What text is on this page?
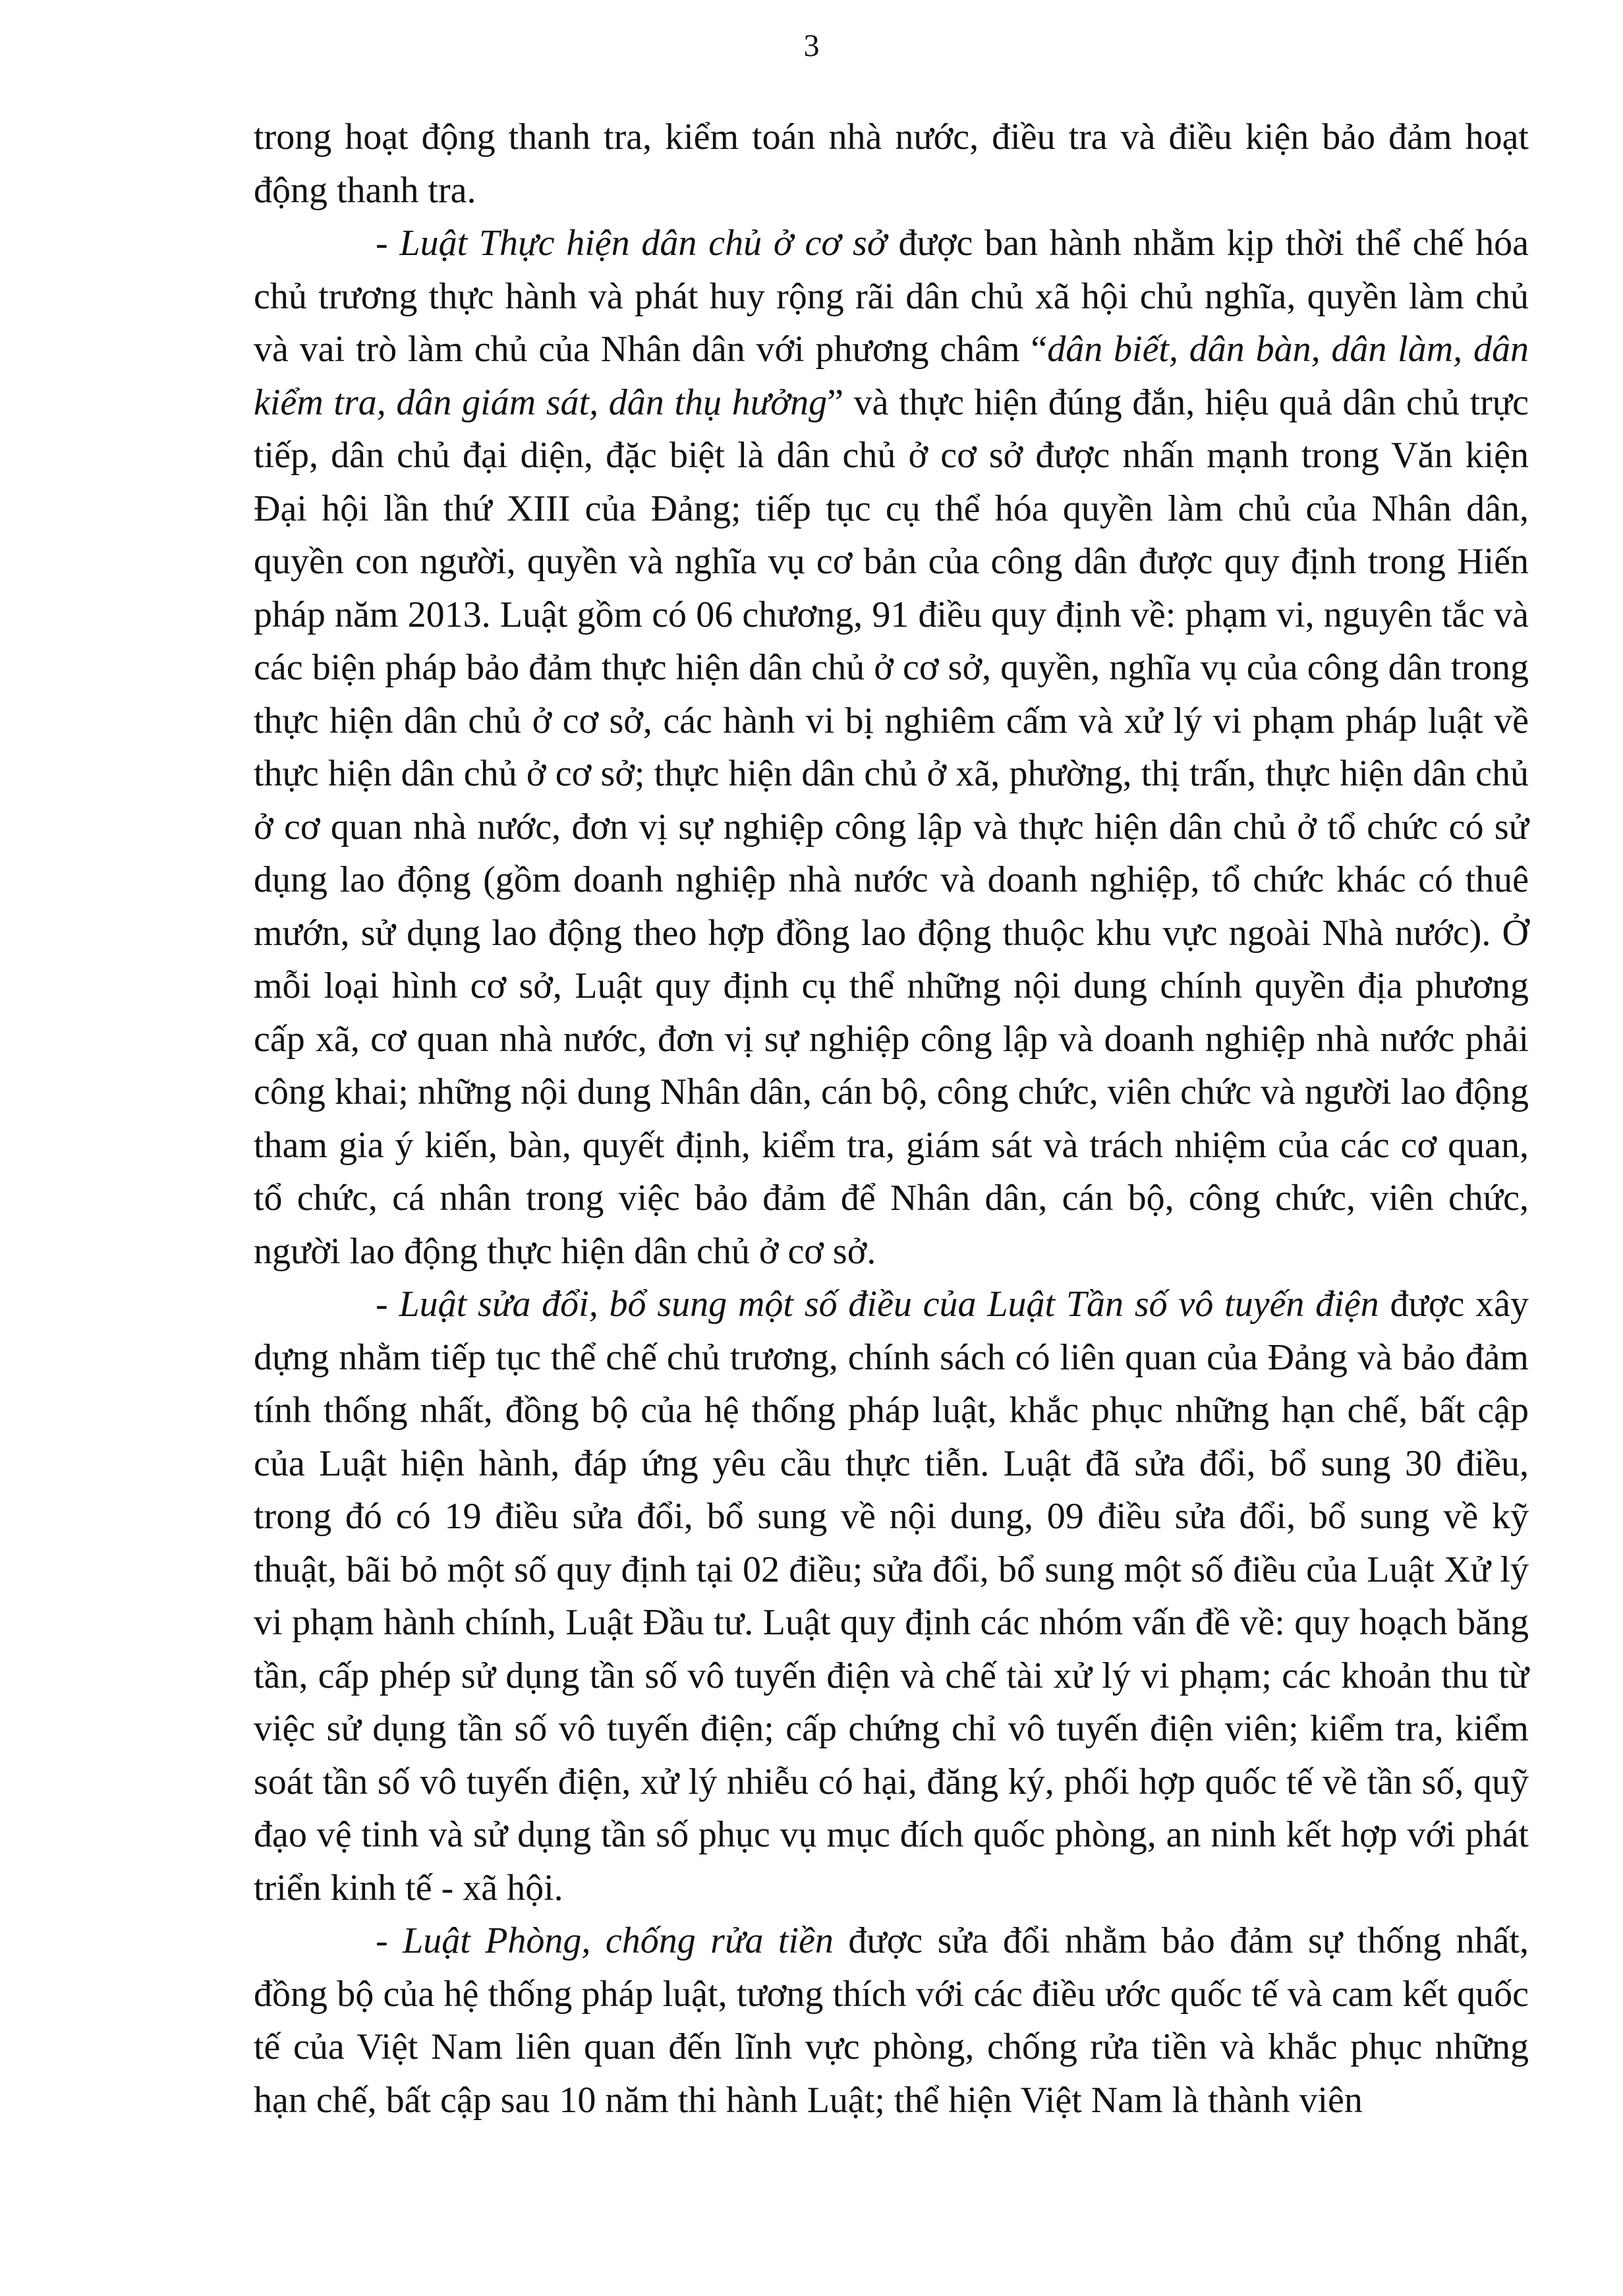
3

trong hoạt động thanh tra, kiểm toán nhà nước, điều tra và điều kiện bảo đảm hoạt động thanh tra.

- Luật Thực hiện dân chủ ở cơ sở được ban hành nhằm kịp thời thể chế hóa chủ trương thực hành và phát huy rộng rãi dân chủ xã hội chủ nghĩa, quyền làm chủ và vai trò làm chủ của Nhân dân với phương châm “dân biết, dân bàn, dân làm, dân kiểm tra, dân giám sát, dân thụ hưởng” và thực hiện đúng đắn, hiệu quả dân chủ trực tiếp, dân chủ đại diện, đặc biệt là dân chủ ở cơ sở được nhấn mạnh trong Văn kiện Đại hội lần thứ XIII của Đảng; tiếp tục cụ thể hóa quyền làm chủ của Nhân dân, quyền con người, quyền và nghĩa vụ cơ bản của công dân được quy định trong Hiến pháp năm 2013. Luật gồm có 06 chương, 91 điều quy định về: phạm vi, nguyên tắc và các biện pháp bảo đảm thực hiện dân chủ ở cơ sở, quyền, nghĩa vụ của công dân trong thực hiện dân chủ ở cơ sở, các hành vi bị nghiêm cấm và xử lý vi phạm pháp luật về thực hiện dân chủ ở cơ sở; thực hiện dân chủ ở xã, phường, thị trấn, thực hiện dân chủ ở cơ quan nhà nước, đơn vị sự nghiệp công lập và thực hiện dân chủ ở tổ chức có sử dụng lao động (gồm doanh nghiệp nhà nước và doanh nghiệp, tổ chức khác có thuê mướn, sử dụng lao động theo hợp đồng lao động thuộc khu vực ngoài Nhà nước). Ở mỗi loại hình cơ sở, Luật quy định cụ thể những nội dung chính quyền địa phương cấp xã, cơ quan nhà nước, đơn vị sự nghiệp công lập và doanh nghiệp nhà nước phải công khai; những nội dung Nhân dân, cán bộ, công chức, viên chức và người lao động tham gia ý kiến, bàn, quyết định, kiểm tra, giám sát và trách nhiệm của các cơ quan, tổ chức, cá nhân trong việc bảo đảm để Nhân dân, cán bộ, công chức, viên chức, người lao động thực hiện dân chủ ở cơ sở.

- Luật sửa đổi, bổ sung một số điều của Luật Tần số vô tuyến điện được xây dựng nhằm tiếp tục thể chế chủ trương, chính sách có liên quan của Đảng và bảo đảm tính thống nhất, đồng bộ của hệ thống pháp luật, khắc phục những hạn chế, bất cập của Luật hiện hành, đáp ứng yêu cầu thực tiễn. Luật đã sửa đổi, bổ sung 30 điều, trong đó có 19 điều sửa đổi, bổ sung về nội dung, 09 điều sửa đổi, bổ sung về kỹ thuật, bãi bỏ một số quy định tại 02 điều; sửa đổi, bổ sung một số điều của Luật Xử lý vi phạm hành chính, Luật Đầu tư. Luật quy định các nhóm vấn đề về: quy hoạch băng tần, cấp phép sử dụng tần số vô tuyến điện và chế tài xử lý vi phạm; các khoản thu từ việc sử dụng tần số vô tuyến điện; cấp chứng chỉ vô tuyến điện viên; kiểm tra, kiểm soát tần số vô tuyến điện, xử lý nhiễu có hại, đăng ký, phối hợp quốc tế về tần số, quỹ đạo vệ tinh và sử dụng tần số phục vụ mục đích quốc phòng, an ninh kết hợp với phát triển kinh tế - xã hội.

- Luật Phòng, chống rửa tiền được sửa đổi nhằm bảo đảm sự thống nhất, đồng bộ của hệ thống pháp luật, tương thích với các điều ước quốc tế và cam kết quốc tế của Việt Nam liên quan đến lĩnh vực phòng, chống rửa tiền và khắc phục những hạn chế, bất cập sau 10 năm thi hành Luật; thể hiện Việt Nam là thành viên
